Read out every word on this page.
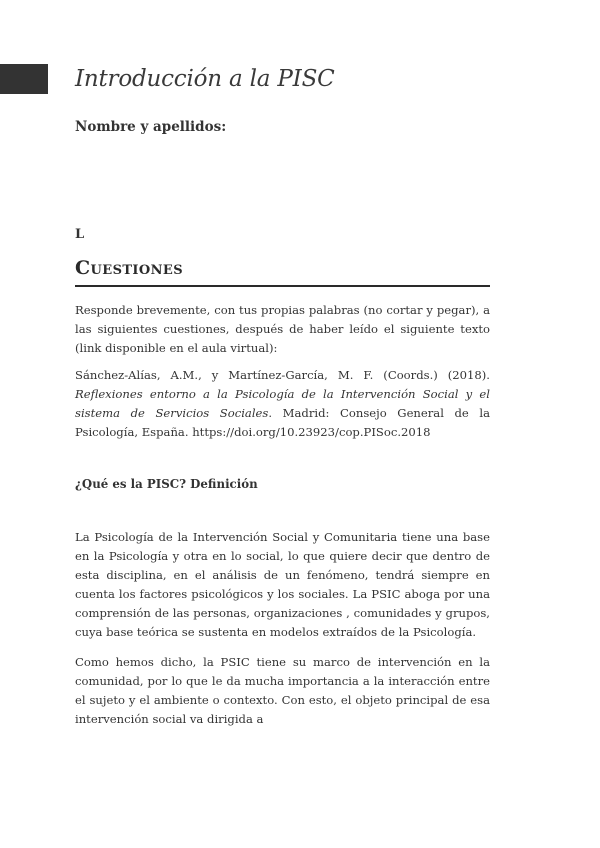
Introducción a la PISC
Nombre y apellidos:
L
Cuestiones
Responde brevemente, con tus propias palabras (no cortar y pegar), a las siguientes cuestiones, después de haber leído el siguiente texto (link disponible en el aula virtual):
Sánchez-Alías, A.M., y Martínez-García, M. F. (Coords.) (2018). Reflexiones entorno a la Psicología de la Intervención Social y el sistema de Servicios Sociales. Madrid: Consejo General de la Psicología, España. https://doi.org/10.23923/cop.PISoc.2018
¿Qué es la PISC? Definición
La Psicología de la Intervención Social y Comunitaria tiene una base en la Psicología y otra en lo social, lo que quiere decir que dentro de esta disciplina, en el análisis de un fenómeno, tendrá siempre en cuenta los factores psicológicos y los sociales. La PSIC aboga por una comprensión de las personas, organizaciones , comunidades y grupos, cuya base teórica se sustenta en modelos extraídos de la Psicología.
Como hemos dicho, la PSIC tiene su marco de intervención en la comunidad, por lo que le da mucha importancia a la interacción entre el sujeto y el ambiente o contexto. Con esto, el objeto principal de esa intervención social va dirigida a
